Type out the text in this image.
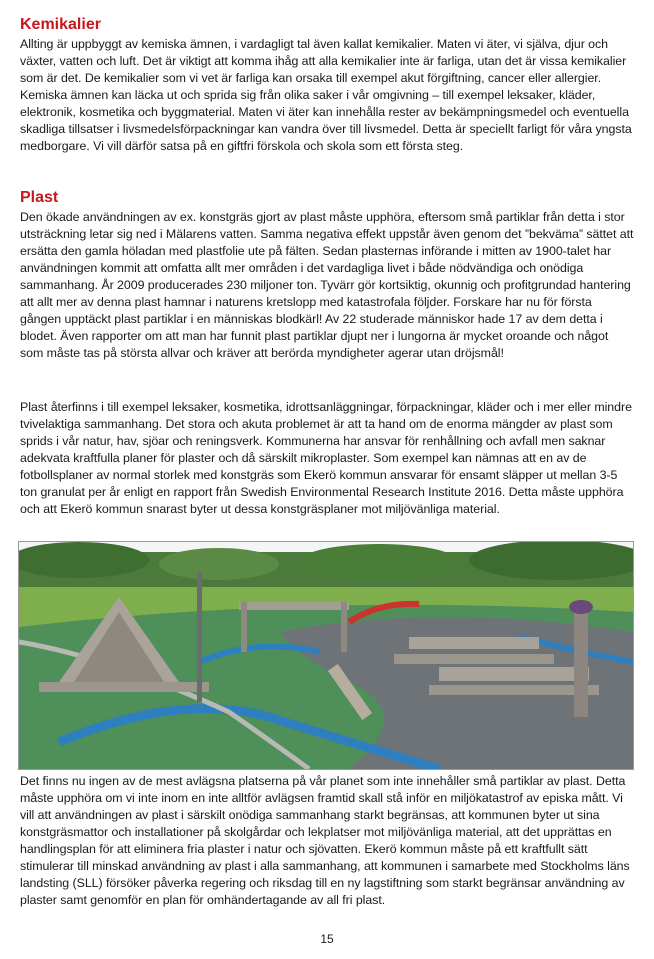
Kemikalier

Allting är uppbyggt av kemiska ämnen, i vardagligt tal även kallat kemikalier. Maten vi äter, vi själva, djur och växter, vatten och luft. Det är viktigt att komma ihåg att alla kemikalier inte är farliga, utan det är vissa kemikalier som är det. De kemikalier som vi vet är farliga kan orsaka till exempel akut förgiftning, cancer eller allergier. Kemiska ämnen kan läcka ut och sprida sig från olika saker i vår omgivning – till exempel leksaker, kläder, elektronik, kosmetika och byggmaterial. Maten vi äter kan innehålla rester av bekämpningsmedel och eventuella skadliga tillsatser i livsmedelsförpackningar kan vandra över till livsmedel. Detta är speciellt farligt för våra yngsta medborgare. Vi vill därför satsa på en giftfri förskola och skola som ett första steg.

Plast

Den ökade användningen av ex. konstgräs gjort av plast måste upphöra, eftersom små partiklar från detta i stor utsträckning letar sig ned i Mälarens vatten. Samma negativa effekt uppstår även genom det ”bekväma” sättet att ersätta den gamla höladan med plastfolie ute på fälten. Sedan plasternas införande i mitten av 1900-talet har användningen kommit att omfatta allt mer områden i det vardagliga livet i både nödvändiga och onödiga sammanhang. År 2009 producerades 230 miljoner ton. Tyvärr gör kortsiktig, okunnig och profitgrundad hantering att allt mer av denna plast hamnar i naturens kretslopp med katastrofala följder. Forskare har nu för första gången upptäckt plast partiklar i en människas blodkärl! Av 22 studerade människor hade 17 av dem detta i blodet. Även rapporter om att man har funnit plast partiklar djupt ner i lungorna är mycket oroande och något som måste tas på största allvar och kräver att berörda myndigheter agerar utan dröjsmål!

Plast återfinns i till exempel leksaker, kosmetika, idrottsanläggningar, förpackningar, kläder och i mer eller mindre tvivelaktiga sammanhang. Det stora och akuta problemet är att ta hand om de enorma mängder av plast som sprids i vår natur, hav, sjöar och reningsverk. Kommunerna har ansvar för renhållning och avfall men saknar adekvata kraftfulla planer för plaster och då särskilt mikroplaster. Som exempel kan nämnas att en av de fotbollsplaner av normal storlek med konstgräs som Ekerö kommun ansvarar för ensamt släpper ut mellan 3-5 ton granulat per år enligt en rapport från Swedish Environmental Research Institute 2016. Detta måste upphöra och att Ekerö kommun snarast byter ut dessa konstgräsplaner mot miljövänliga material.

Det finns nu ingen av de mest avlägsna platserna på vår planet som inte innehåller små partiklar av plast. Detta måste upphöra om vi inte inom en inte alltför avlägsen framtid skall stå inför en miljökatastrof av episka mått. Vi vill att användningen av plast i särskilt onödiga sammanhang starkt begränsas, att kommunen byter ut sina konstgräsmattor och installationer på skolgårdar och lekplatser mot miljövänliga material, att det upprättas en handlingsplan för att eliminera fria plaster i natur och sjövatten. Ekerö kommun måste på ett kraftfullt sätt stimulerar till minskad användning av plast i alla sammanhang, att kommunen i samarbete med Stockholms läns landsting (SLL) försöker påverka regering och riksdag till en ny lagstiftning som starkt begränsar användning av plaster samt genomför en plan för omhändertagande av all fri plast.

15
